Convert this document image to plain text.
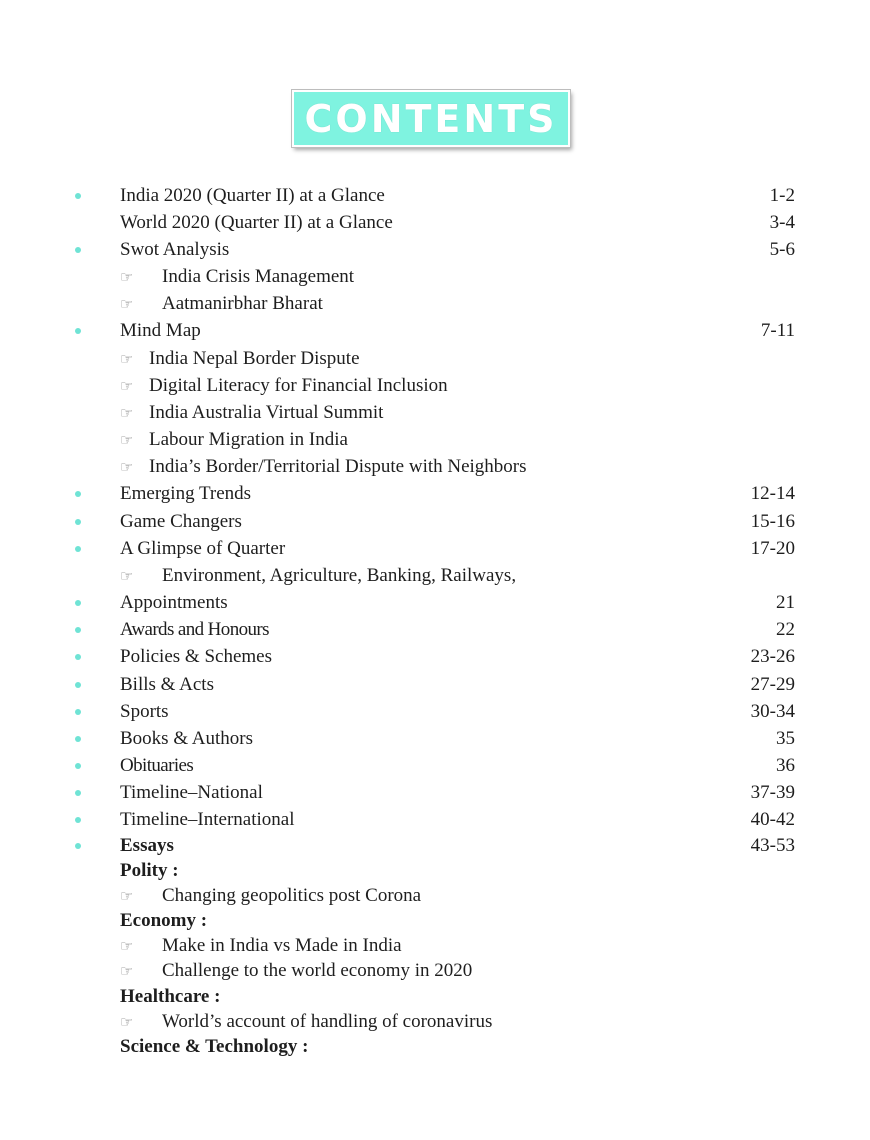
CONTENTS
India 2020 (Quarter II) at a Glance	1-2
World 2020 (Quarter II) at a Glance	3-4
Swot Analysis	5-6
☞ India Crisis Management
☞ Aatmanirbhar Bharat
Mind Map	7-11
☞ India Nepal Border Dispute
☞ Digital Literacy for Financial Inclusion
☞ India Australia Virtual Summit
☞ Labour Migration in India
☞ India’s Border/Territorial Dispute with Neighbors
Emerging Trends	12-14
Game Changers	15-16
A Glimpse of Quarter	17-20
☞ Environment, Agriculture, Banking, Railways,
Appointments	21
Awards and Honours	22
Policies & Schemes	23-26
Bills & Acts	27-29
Sports	30-34
Books & Authors	35
Obituaries	36
Timeline–National	37-39
Timeline–International	40-42
Essays	43-53
Polity :
☞ Changing geopolitics post Corona
Economy :
☞ Make in India vs Made in India
☞ Challenge to the world economy in 2020
Healthcare :
☞ World’s account of handling of coronavirus
Science & Technology :
